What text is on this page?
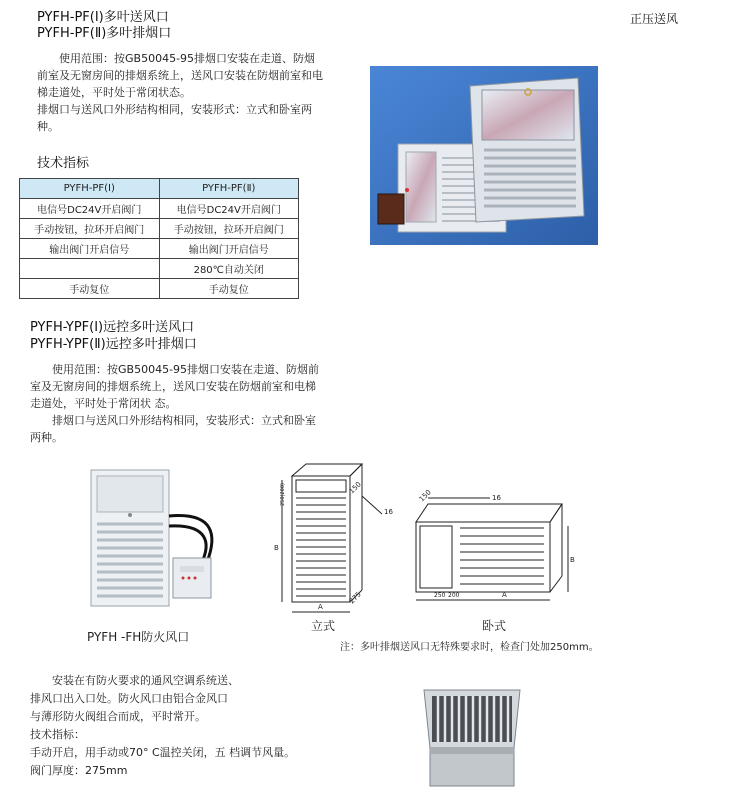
正压送风
PYFH-PF(Ⅰ)多叶送风口
PYFH-PF(Ⅱ)多叶排烟口

使用范围：按GB50045-95排烟口安装在走道、防烟前室及无窗房间的排烟系统上，送风口安装在防烟前室和电梯走道处，平时处于常闭状态。

排烟口与送风口外形结构相同，安装形式：立式和卧室两种。

技术指标
PYFH-PF(Ⅰ)	PYFH-PF(Ⅱ)
电信号DC24V开启阀门	电信号DC24V开启阀门
手动按钮，拉环开启阀门	手动按钮，拉环开启阀门
输出阀门开启信号	输出阀门开启信号
	280℃自动关闭
手动复位	手动复位
PYFH-YPF(Ⅰ)远控多叶送风口
PYFH-YPF(Ⅱ)远控多叶排烟口

使用范围：按GB50045-95排烟口安装在走道、防烟前室及无窗房间的排烟系统上，送风口安装在防烟前室和电梯走道处，平时处于常闭状 态。

排烟口与送风口外形结构相同，安装形式：立式和卧室两种。

150
16
275
A
B
250(200)	150	16
250 200	A
B
立式	卧式
注：多叶排烟送风口无特殊要求时，检查门处加250mm。
PYFH -FH防火风口

安装在有防火要求的通风空调系统送、

排风口出入口处。防火风口由铝合金风口

与薄形防火阀组合而成，平时常开。

技术指标：

手动开启，用手动或70° C温控关闭，五 档调节风量。

阀门厚度：275mm
